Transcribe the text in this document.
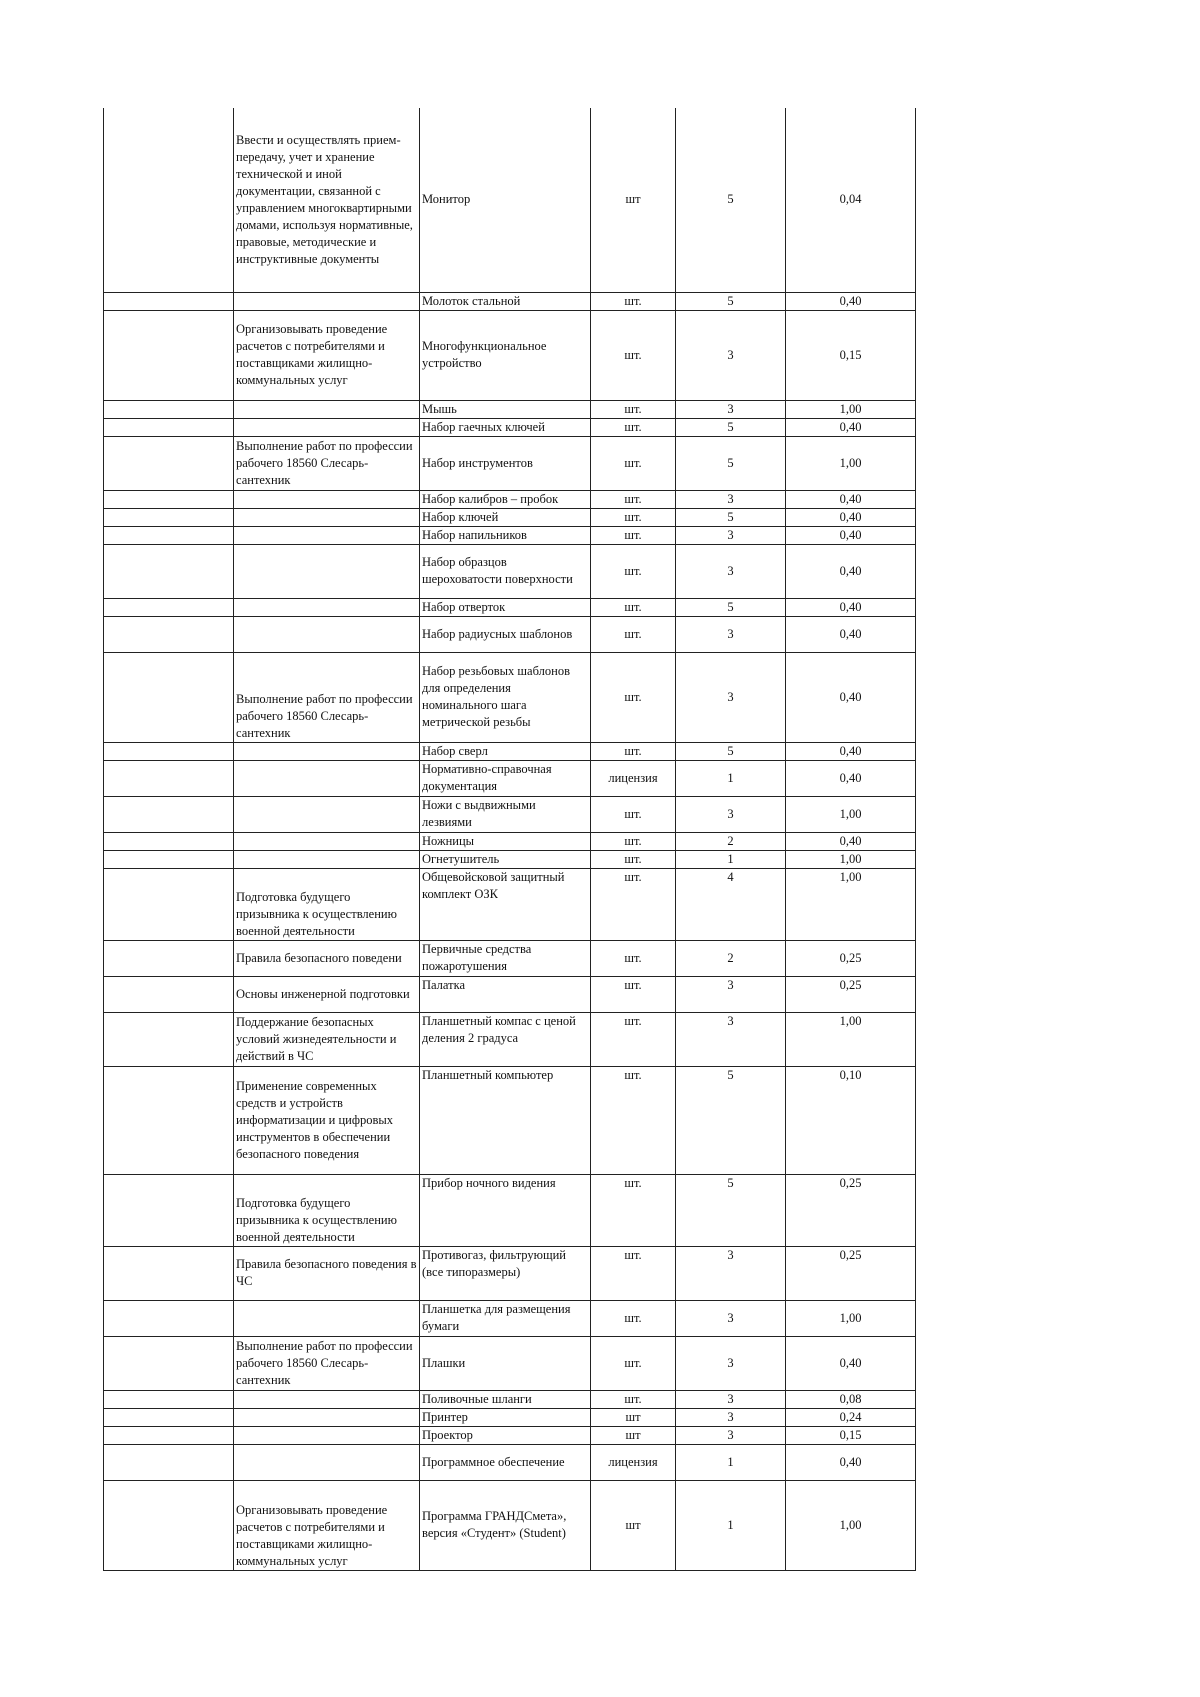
	Ввести и осуществлять прием-передачу, учет и хранение технической и иной документации, связанной с управлением многоквартирными домами, используя нормативные, правовые, методические и инструктивные документы	Монитор	шт	5	0,04
		Молоток стальной	шт.	5	0,40
	Организовывать проведение расчетов с потребителями и поставщиками жилищно-коммунальных услуг	Многофункциональное устройство	шт.	3	0,15
		Мышь	шт.	3	1,00
		Набор гаечных ключей	шт.	5	0,40
	Выполнение работ по профессии рабочего 18560 Слесарь-сантехник	Набор инструментов	шт.	5	1,00
		Набор калибров – пробок	шт.	3	0,40
		Набор ключей	шт.	5	0,40
		Набор напильников	шт.	3	0,40
		Набор образцов шероховатости поверхности	шт.	3	0,40
		Набор отверток	шт.	5	0,40
		Набор радиусных шаблонов	шт.	3	0,40
	Выполнение работ по профессии рабочего 18560 Слесарь-сантехник	Набор резьбовых шаблонов для определения номинального шага метрической резьбы	шт.	3	0,40
		Набор сверл	шт.	5	0,40
		Нормативно-справочная документация	лицензия	1	0,40
		Ножи с выдвижными лезвиями	шт.	3	1,00
		Ножницы	шт.	2	0,40
		Огнетушитель	шт.	1	1,00
	Подготовка будущего призывника к осуществлению военной деятельности	Общевойсковой защитный комплект ОЗК	шт.	4	1,00
	Правила безопасного поведени	Первичные средства пожаротушения	шт.	2	0,25
	Основы инженерной подготовки	Палатка	шт.	3	0,25
	Поддержание безопасных условий жизнедеятельности и действий в ЧС	Планшетный компас с ценой деления 2 градуса	шт.	3	1,00
	Применение современных средств и устройств информатизации и цифровых инструментов в обеспечении безопасного поведения	Планшетный компьютер	шт.	5	0,10
	Подготовка будущего призывника к осуществлению военной деятельности	Прибор ночного видения	шт.	5	0,25
	Правила безопасного поведения в ЧС	Противогаз, фильтрующий (все типоразмеры)	шт.	3	0,25
		Планшетка для размещения бумаги	шт.	3	1,00
	Выполнение работ по профессии рабочего 18560 Слесарь-сантехник	Плашки	шт.	3	0,40
		Поливочные шланги	шт.	3	0,08
		Принтер	шт	3	0,24
		Проектор	шт	3	0,15
		Программное обеспечение	лицензия	1	0,40
	Организовывать проведение расчетов с потребителями и поставщиками жилищно-коммунальных услуг	Программа ГРАНДСмета», версия «Студент» (Student)	шт	1	1,00
